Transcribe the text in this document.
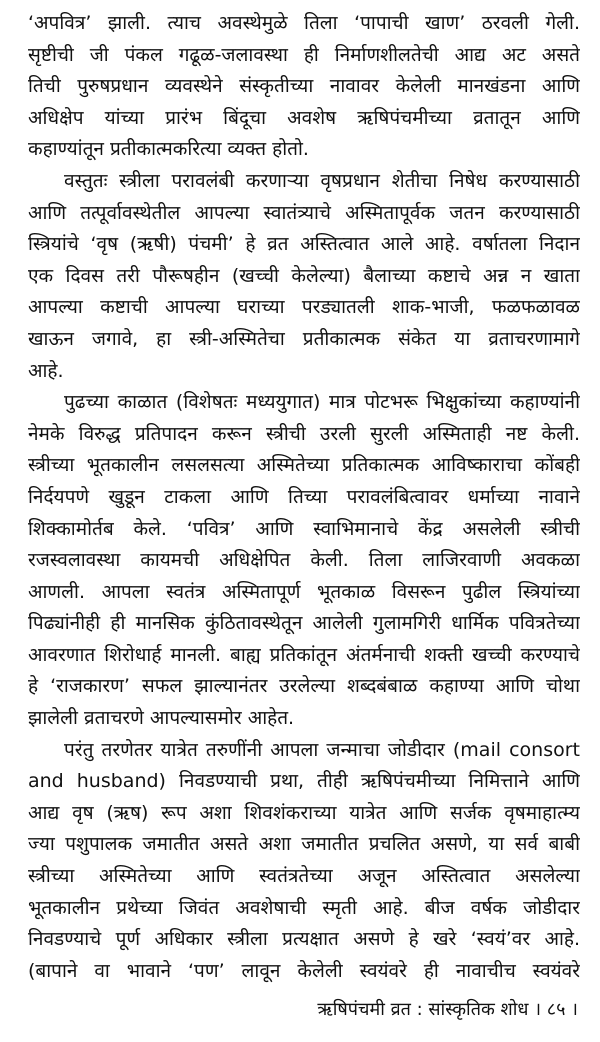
‘अपवित्र’ झाली. त्याच अवस्थेमुळे तिला ‘पापाची खाण’ ठरवली गेली.
सृष्टीची जी पंकल गढूळ-जलावस्था ही निर्माणशीलतेची आद्य अट असते
तिची पुरुषप्रधान व्यवस्थेने संस्कृतीच्या नावावर केलेली मानखंडना आणि
अधिक्षेप यांच्या प्रारंभ बिंदूचा अवशेष ऋषिपंचमीच्या व्रतातून आणि
कहाण्यांतून प्रतीकात्मकरित्या व्यक्त होतो.
वस्तुतः स्त्रीला परावलंबी करणाऱ्या वृषप्रधान शेतीचा निषेध करण्यासाठी
आणि तत्पूर्वावस्थेतील आपल्या स्वातंत्र्याचे अस्मितापूर्वक जतन करण्यासाठी
स्त्रियांचे ‘वृष (ऋषी) पंचमी’ हे व्रत अस्तित्वात आले आहे. वर्षातला निदान
एक दिवस तरी पौरूषहीन (खच्ची केलेल्या) बैलाच्या कष्टाचे अन्न न खाता
आपल्या कष्टाची आपल्या घराच्या परड्यातली शाक-भाजी, फळफळावळ
खाऊन जगावे, हा स्त्री-अस्मितेचा प्रतीकात्मक संकेत या व्रताचरणामागे
आहे.
पुढच्या काळात (विशेषतः मध्ययुगात) मात्र पोटभरू भिक्षुकांच्या कहाण्यांनी
नेमके विरुद्ध प्रतिपादन करून स्त्रीची उरली सुरली अस्मिताही नष्ट केली.
स्त्रीच्या भूतकालीन लसलसत्या अस्मितेच्या प्रतिकात्मक आविष्काराचा कोंबही
निर्दयपणे खुडून टाकला आणि तिच्या परावलंबित्वावर धर्माच्या नावाने
शिक्कामोर्तब केले. ‘पवित्र’ आणि स्वाभिमानाचे केंद्र असलेली स्त्रीची
रजस्वलावस्था कायमची अधिक्षेपित केली. तिला लाजिरवाणी अवकळा
आणली. आपला स्वतंत्र अस्मितापूर्ण भूतकाळ विसरून पुढील स्त्रियांच्या
पिढ्यांनीही ही मानसिक कुंठितावस्थेतून आलेली गुलामगिरी धार्मिक पवित्रतेच्या
आवरणात शिरोधार्ह मानली. बाह्य प्रतिकांतून अंतर्मनाची शक्ती खच्ची करण्याचे
हे ‘राजकारण’ सफल झाल्यानंतर उरलेल्या शब्दबंबाळ कहाण्या आणि चोथा
झालेली व्रताचरणे आपल्यासमोर आहेत.
परंतु तरणेतर यात्रेत तरुणींनी आपला जन्माचा जोडीदार (mail consort
and husband) निवडण्याची प्रथा, तीही ऋषिपंचमीच्या निमित्ताने आणि
आद्य वृष (ऋष) रूप अशा शिवशंकराच्या यात्रेत आणि सर्जक वृषमाहात्म्य
ज्या पशुपालक जमातीत असते अशा जमातीत प्रचलित असणे, या सर्व बाबी
स्त्रीच्या अस्मितेच्या आणि स्वतंत्रतेच्या अजून अस्तित्वात असलेल्या
भूतकालीन प्रथेच्या जिवंत अवशेषाची स्मृती आहे. बीज वर्षक जोडीदार
निवडण्याचे पूर्ण अधिकार स्त्रीला प्रत्यक्षात असणे हे खरे ‘स्वयं’वर आहे.
(बापाने वा भावाने ‘पण’ लावून केलेली स्वयंवरे ही नावाचीच स्वयंवरे
ऋषिपंचमी व्रत : सांस्कृतिक शोध । ८५ ।
